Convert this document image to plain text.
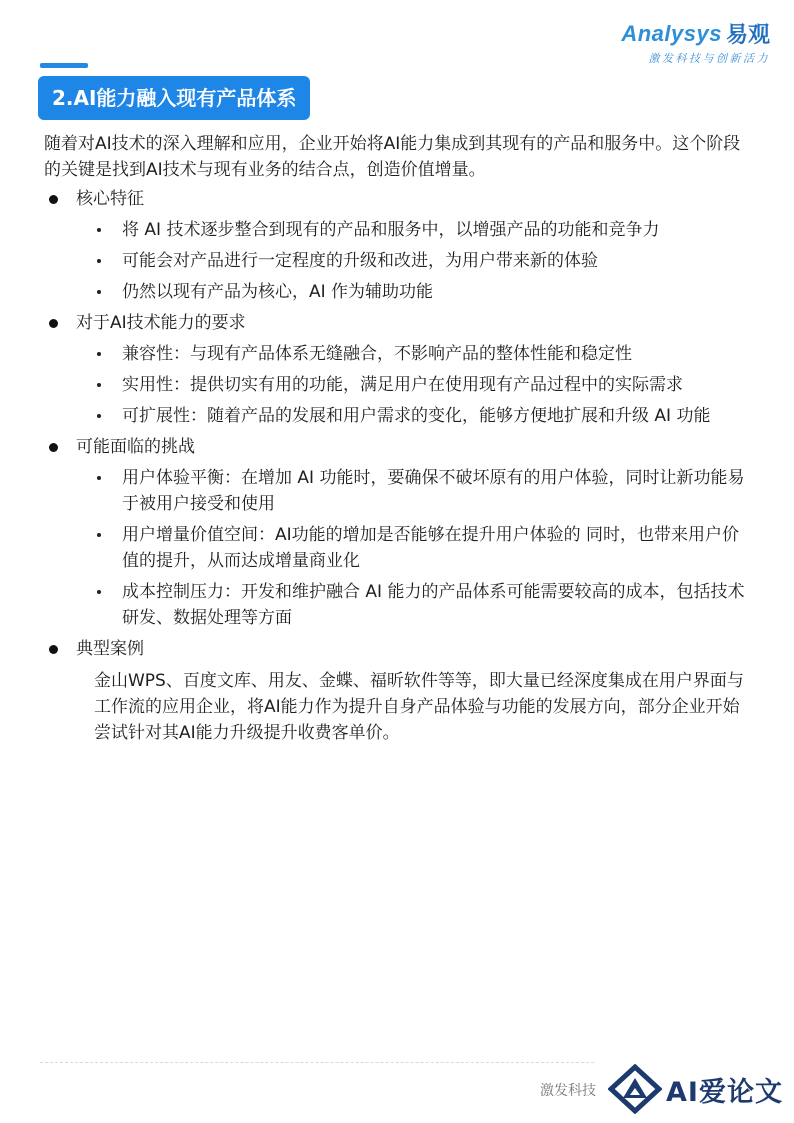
Analysys 易观
激发科技与创新活力
2.AI能力融入现有产品体系

随着对AI技术的深入理解和应用，企业开始将AI能力集成到其现有的产品和服务中。这个阶段的关键是找到AI技术与现有业务的结合点，创造价值增量。

核心特征
将 AI 技术逐步整合到现有的产品和服务中，以增强产品的功能和竞争力
可能会对产品进行一定程度的升级和改进，为用户带来新的体验
仍然以现有产品为核心，AI 作为辅助功能
对于AI技术能力的要求
兼容性：与现有产品体系无缝融合，不影响产品的整体性能和稳定性
实用性：提供切实有用的功能，满足用户在使用现有产品过程中的实际需求
可扩展性：随着产品的发展和用户需求的变化，能够方便地扩展和升级 AI 功能
可能面临的挑战
用户体验平衡：在增加 AI 功能时，要确保不破坏原有的用户体验，同时让新功能易于被用户接受和使用
用户增量价值空间：AI功能的增加是否能够在提升用户体验的 同时，也带来用户价值的提升，从而达成增量商业化
成本控制压力：开发和维护融合 AI 能力的产品体系可能需要较高的成本，包括技术研发、数据处理等方面
典型案例

金山WPS、百度文库、用友、金蝶、福昕软件等等，即大量已经深度集成在用户界面与工作流的应用企业，将AI能力作为提升自身产品体验与功能的发展方向，部分企业开始尝试针对其AI能力升级提升收费客单价。

激发科技	AI爱论文
